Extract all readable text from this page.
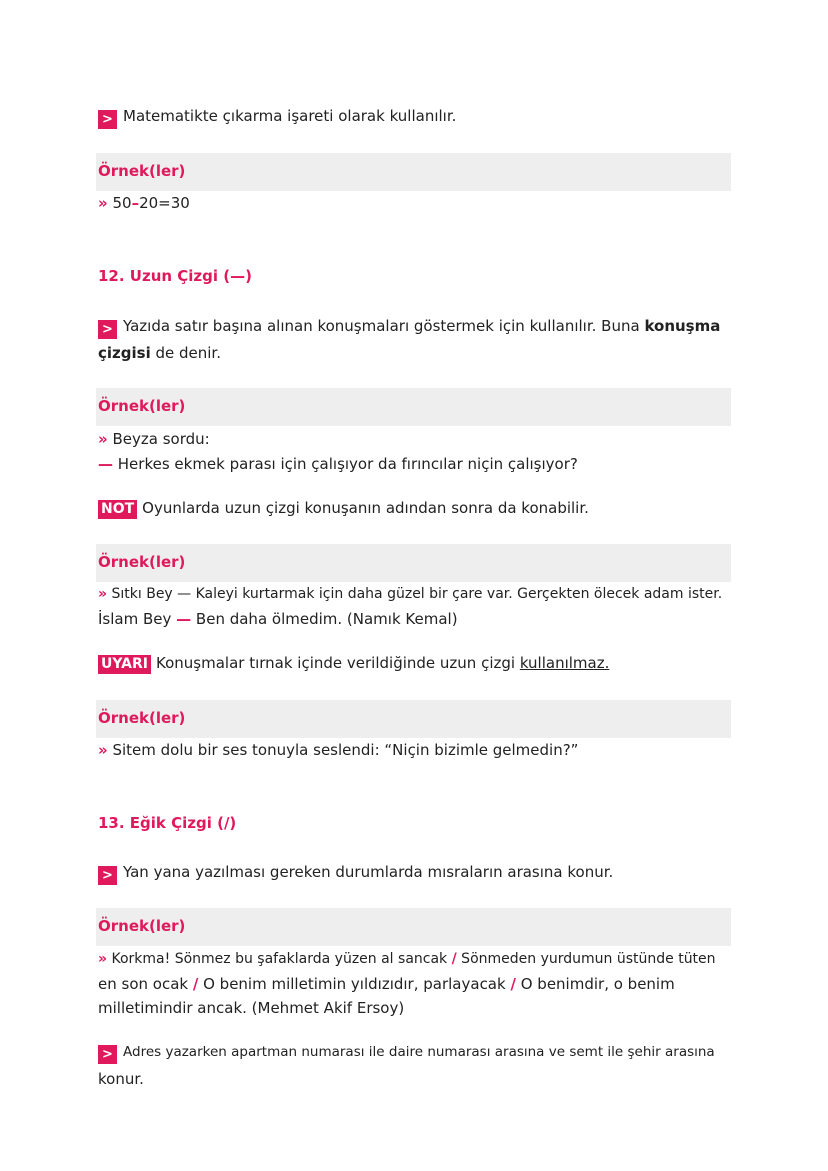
> Matematikte çıkarma işareti olarak kullanılır.
Örnek(ler)
» 50–20=30
12. Uzun Çizgi (—)
> Yazıda satır başına alınan konuşmaları göstermek için kullanılır. Buna konuşma
çizgisi de denir.
Örnek(ler)
» Beyza sordu:
— Herkes ekmek parası için çalışıyor da fırıncılar niçin çalışıyor?
NOT Oyunlarda uzun çizgi konuşanın adından sonra da konabilir.
Örnek(ler)
» Sıtkı Bey — Kaleyi kurtarmak için daha güzel bir çare var. Gerçekten ölecek adam ister.
İslam Bey — Ben daha ölmedim. (Namık Kemal)
UYARI Konuşmalar tırnak içinde verildiğinde uzun çizgi kullanılmaz.
Örnek(ler)
» Sitem dolu bir ses tonuyla seslendi: “Niçin bizimle gelmedin?”
13. Eğik Çizgi (/)
> Yan yana yazılması gereken durumlarda mısraların arasına konur.
Örnek(ler)
» Korkma! Sönmez bu şafaklarda yüzen al sancak / Sönmeden yurdumun üstünde tüten
en son ocak / O benim milletimin yıldızıdır, parlayacak / O benimdir, o benim
milletimindir ancak. (Mehmet Akif Ersoy)
> Adres yazarken apartman numarası ile daire numarası arasına ve semt ile şehir arasına
konur.
